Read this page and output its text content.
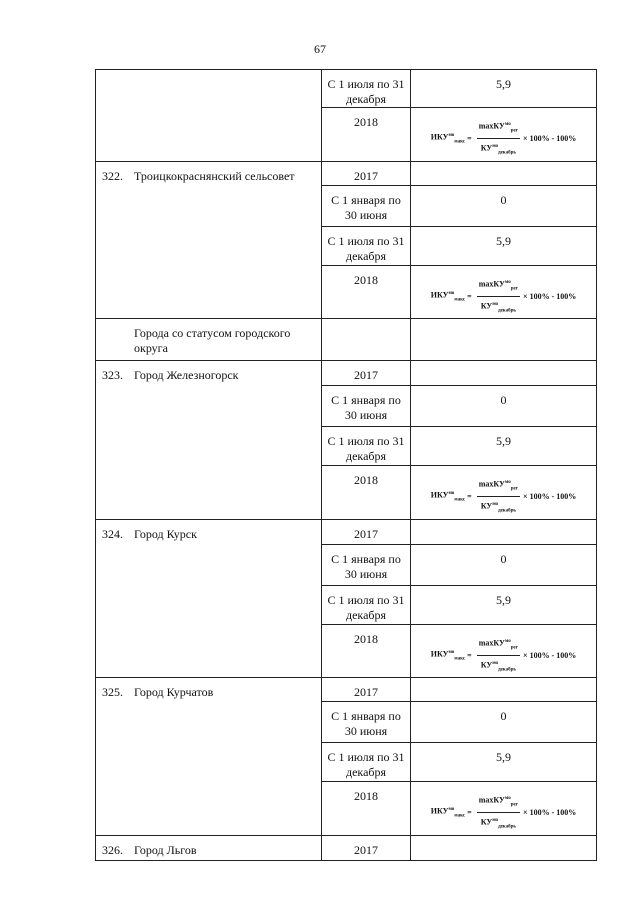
67

	С 1 июля по 31 декабря	5,9

	2018	$ИКУ^{мо}_{макс} = \frac{\max КУ^{мо}_{рег}}{КУ^{мо}_{декабрь}} \times 100\% - 100\%$

322. Троицкокраснянский сельсовет	2017	

	С 1 января по 30 июня	0

	С 1 июля по 31 декабря	5,9

	2018	$ИКУ^{мо}_{макс} = \frac{\max КУ^{мо}_{рег}}{КУ^{мо}_{декабрь}} \times 100\% - 100\%$

Города со статусом городского округа		

323. Город Железногорск	2017	

	С 1 января по 30 июня	0

	С 1 июля по 31 декабря	5,9

	2018	$ИКУ^{мо}_{макс} = \frac{\max КУ^{мо}_{рег}}{КУ^{мо}_{декабрь}} \times 100\% - 100\%$

324. Город Курск	2017	

	С 1 января по 30 июня	0

	С 1 июля по 31 декабря	5,9

	2018	$ИКУ^{мо}_{макс} = \frac{\max КУ^{мо}_{рег}}{КУ^{мо}_{декабрь}} \times 100\% - 100\%$

325. Город Курчатов	2017	

	С 1 января по 30 июня	0

	С 1 июля по 31 декабря	5,9

	2018	$ИКУ^{мо}_{макс} = \frac{\max КУ^{мо}_{рег}}{КУ^{мо}_{декабрь}} \times 100\% - 100\%$

326. Город Льгов	2017	
